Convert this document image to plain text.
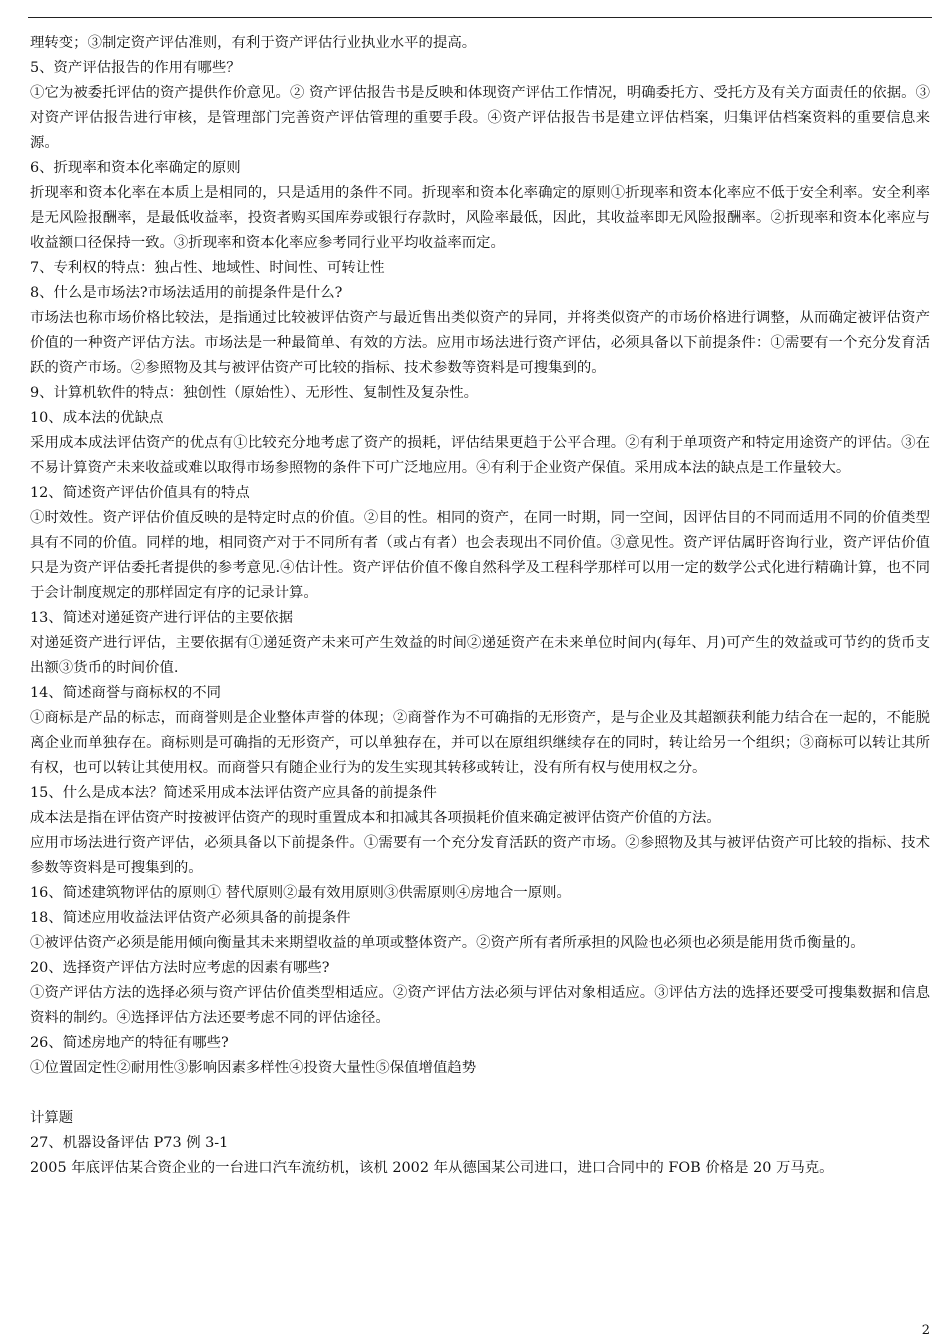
理转变；③制定资产评估准则，有利于资产评估行业执业水平的提高。

5、资产评估报告的作用有哪些？

①它为被委托评估的资产提供作价意见。② 资产评估报告书是反映和体现资产评估工作情况，明确委托方、受托方及有关方面责任的依据。③对资产评估报告进行审核，是管理部门完善资产评估管理的重要手段。④资产评估报告书是建立评估档案，归集评估档案资料的重要信息来源。

6、折现率和资本化率确定的原则

折现率和资本化率在本质上是相同的，只是适用的条件不同。折现率和资本化率确定的原则①折现率和资本化率应不低于安全利率。安全利率是无风险报酬率，是最低收益率，投资者购买国库券或银行存款时，风险率最低，因此，其收益率即无风险报酬率。②折现率和资本化率应与收益额口径保持一致。③折现率和资本化率应参考同行业平均收益率而定。

7、专利权的特点：独占性、地域性、时间性、可转让性

8、什么是市场法?市场法适用的前提条件是什么?

市场法也称市场价格比较法，是指通过比较被评估资产与最近售出类似资产的异同，并将类似资产的市场价格进行调整，从而确定被评估资产价值的一种资产评估方法。市场法是一种最简单、有效的方法。应用市场法进行资产评估，必须具备以下前提条件：①需要有一个充分发育活跃的资产市场。②参照物及其与被评估资产可比较的指标、技术参数等资料是可搜集到的。

9、计算机软件的特点：独创性（原始性）、无形性、复制性及复杂性。

10、成本法的优缺点

采用成本成法评估资产的优点有①比较充分地考虑了资产的损耗，评估结果更趋于公平合理。②有利于单项资产和特定用途资产的评估。③在不易计算资产未来收益或难以取得市场参照物的条件下可广泛地应用。④有利于企业资产保值。采用成本法的缺点是工作量较大。

12、简述资产评估价值具有的特点

①时效性。资产评估价值反映的是特定时点的价值。②目的性。相同的资产，在同一时期，同一空间，因评估目的不同而适用不同的价值类型具有不同的价值。同样的地，相同资产对于不同所有者（或占有者）也会表现出不同价值。③意见性。资产评估属盱咨询行业，资产评估价值只是为资产评估委托者提供的参考意见.④估计性。资产评估价值不像自然科学及工程科学那样可以用一定的数学公式化进行精确计算，也不同于会计制度规定的那样固定有序的记录计算。

13、简述对递延资产进行评估的主要依据

对递延资产进行评估，主要依据有①递延资产未来可产生效益的时间②递延资产在未来单位时间内(每年、月)可产生的效益或可节约的货币支出额③货币的时间价值.

14、简述商誉与商标权的不同

①商标是产品的标志，而商誉则是企业整体声誉的体现；②商誉作为不可确指的无形资产，是与企业及其超额获利能力结合在一起的，不能脱离企业而单独存在。商标则是可确指的无形资产，可以单独存在，并可以在原组织继续存在的同时，转让给另一个组织；③商标可以转让其所有权，也可以转让其使用权。而商誉只有随企业行为的发生实现其转移或转让，没有所有权与使用权之分。

15、什么是成本法？简述采用成本法评估资产应具备的前提条件

成本法是指在评估资产时按被评估资产的现时重置成本和扣减其各项损耗价值来确定被评估资产价值的方法。

应用市场法进行资产评估，必须具备以下前提条件。①需要有一个充分发育活跃的资产市场。②参照物及其与被评估资产可比较的指标、技术参数等资料是可搜集到的。

16、简述建筑物评估的原则① 替代原则②最有效用原则③供需原则④房地合一原则。

18、简述应用收益法评估资产必须具备的前提条件

①被评估资产必须是能用倾向衡量其未来期望收益的单项或整体资产。②资产所有者所承担的风险也必须也必须是能用货币衡量的。

20、选择资产评估方法时应考虑的因素有哪些?

①资产评估方法的选择必须与资产评估价值类型相适应。②资产评估方法必须与评估对象相适应。③评估方法的选择还要受可搜集数据和信息资料的制约。④选择评估方法还要考虑不同的评估途径。

26、简述房地产的特征有哪些?

①位置固定性②耐用性③影响因素多样性④投资大量性⑤保值增值趋势

计算题

27、机器设备评估 P73 例 3-1

2005 年底评估某合资企业的一台进口汽车流纺机，该机 2002 年从德国某公司进口，进口合同中的 FOB 价格是 20 万马克。

2
